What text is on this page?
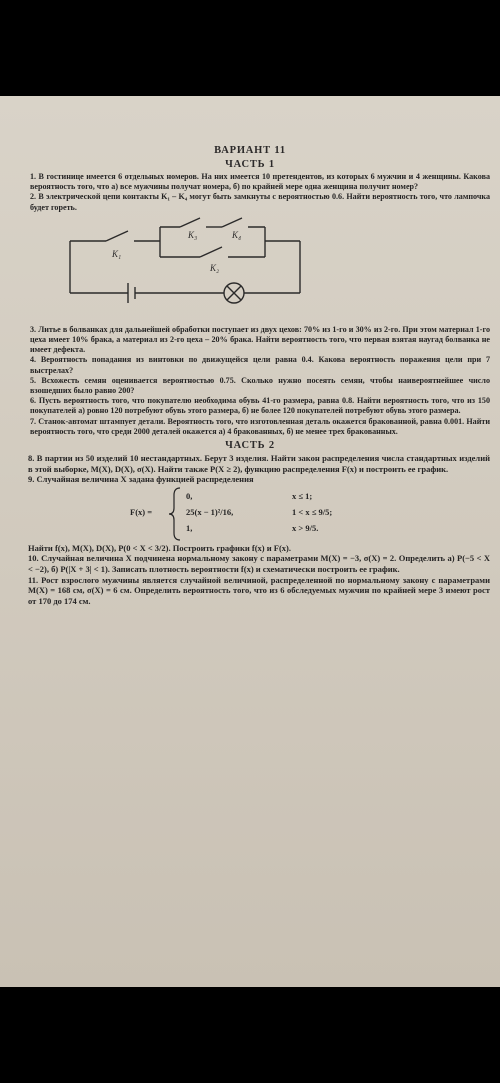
ВАРИАНТ 11
ЧАСТЬ 1
1. В гостинице имеется 6 отдельных номеров. На них имеется 10 претендентов, из которых 6 мужчин и 4 женщины. Какова вероятность того, что а) все мужчины получат номера, б) по крайней мере одна женщина получит номер?
2. В электрической цепи контакты K₁ – K₄ могут быть замкнуты с вероятностью 0.6. Найти вероятность того, что лампочка будет гореть.
K₁
K₃	K₄
K₂
3. Литье в болванках для дальнейшей обработки поступает из двух цехов: 70% из 1-го и 30% из 2-го. При этом материал 1-го цеха имеет 10% брака, а материал из 2-го цеха – 20% брака. Найти вероятность того, что первая взятая наугад болванка не имеет дефекта.
4. Вероятность попадания из винтовки по движущейся цели равна 0.4. Какова вероятность поражения цели при 7 выстрелах?
5. Всхожесть семян оценивается вероятностью 0.75. Сколько нужно посеять семян, чтобы наивероятнейшее число взошедших было равно 200?
6. Пусть вероятность того, что покупателю необходима обувь 41-го размера, равна 0.8. Найти вероятность того, что из 150 покупателей а) ровно 120 потребуют обувь этого размера, б) не более 120 покупателей потребуют обувь этого размера.
7. Станок-автомат штампует детали. Вероятность того, что изготовленная деталь окажется бракованной, равна 0.001. Найти вероятность того, что среди 2000 деталей окажется а) 4 бракованных, б) не менее трех бракованных.
ЧАСТЬ 2
8. В партии из 50 изделий 10 нестандартных. Берут 3 изделия. Найти закон распределения числа стандартных изделий в этой выборке, M(X), D(X), σ(X). Найти также P(X ≥ 2), функцию распределения F(x) и построить ее график.
9. Случайная величина X задана функцией распределения
F(x) =
0,	x ≤ 1;
25(x − 1)²/16,	1 < x ≤ 9/5;
1,	x > 9/5.
Найти f(x), M(X), D(X), P(0 < X < 3/2). Построить графики f(x) и F(x).
10. Случайная величина X подчинена нормальному закону с параметрами M(X) = −3, σ(X) = 2. Определить а) P(−5 < X < −2), б) P(|X + 3| < 1). Записать плотность вероятности f(x) и схематически построить ее график.
11. Рост взрослого мужчины является случайной величиной, распределенной по нормальному закону с параметрами M(X) = 168 см, σ(X) = 6 см. Определить вероятность того, что из 6 обследуемых мужчин по крайней мере 3 имеют рост от 170 до 174 см.
